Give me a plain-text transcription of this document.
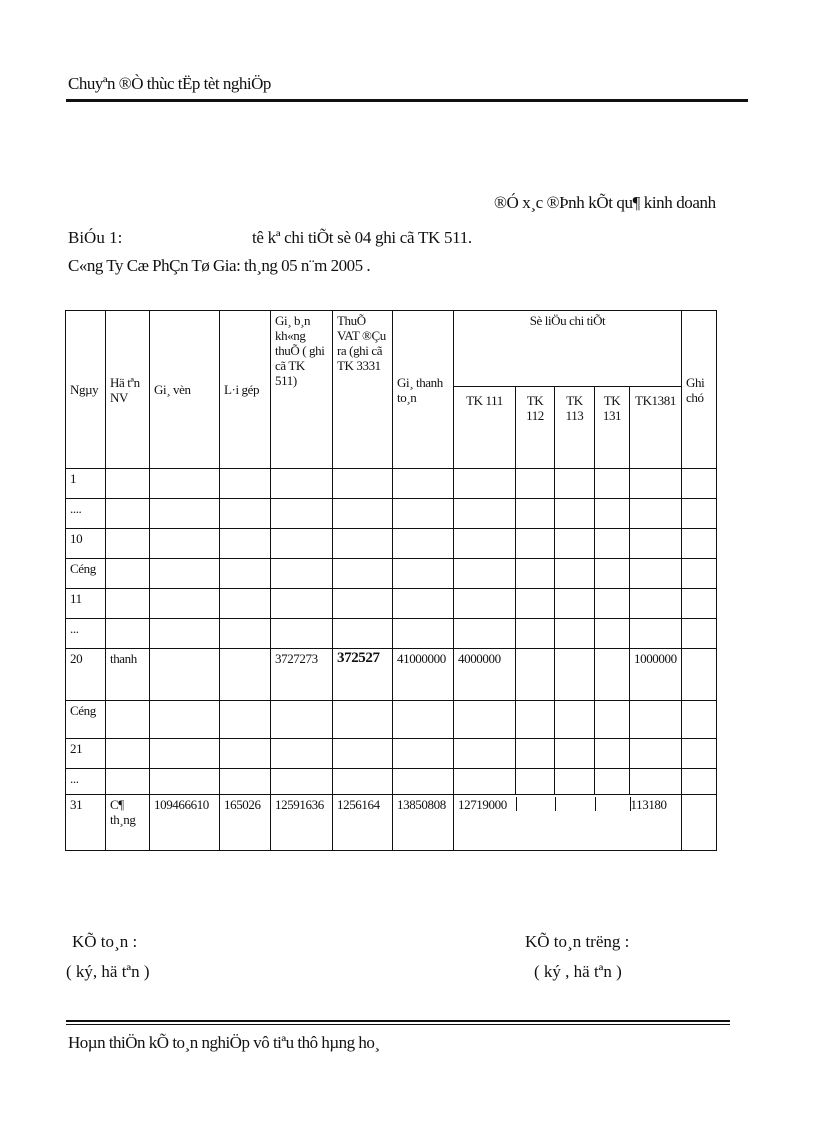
Chuyªn ®Ò thùc tËp tèt nghiÖp
®Ó x¸c ®Þnh kÕt qu¶ kinh doanh
BiÓu 1:	tê kª chi tiÕt sè 04 ghi cã TK 511.
C«ng Ty Cæ PhÇn Tø Gia: th¸ng 05 n¨m 2005 .
Ngµy	Hä tªn NV	Gi¸ vèn	L·i gép	Gi¸ b¸n kh«ng thuÕ ( ghi cã TK 511)	ThuÕ VAT ®Çu ra (ghi cã TK 3331	Gi¸ thanh to¸n	Sè liÖu chi tiÕt					Ghi chó
							TK 111	TK 112	TK 113	TK 131	TK1381	
1												
....												
10												
Céng												
11												
...												
20	thanh			3727273	372527	41000000	4000000				1000000	
Céng												
21												
...												
31	C¶ th¸ng	109466610	165026	12591636	1256164	13850808	12719000				113180	
KÕ to¸n :
( ký, hä tªn )
KÕ to¸n trëng :
( ký , hä tªn )
Hoµn thiÖn kÕ to¸n nghiÖp vô tiªu thô hµng ho¸
